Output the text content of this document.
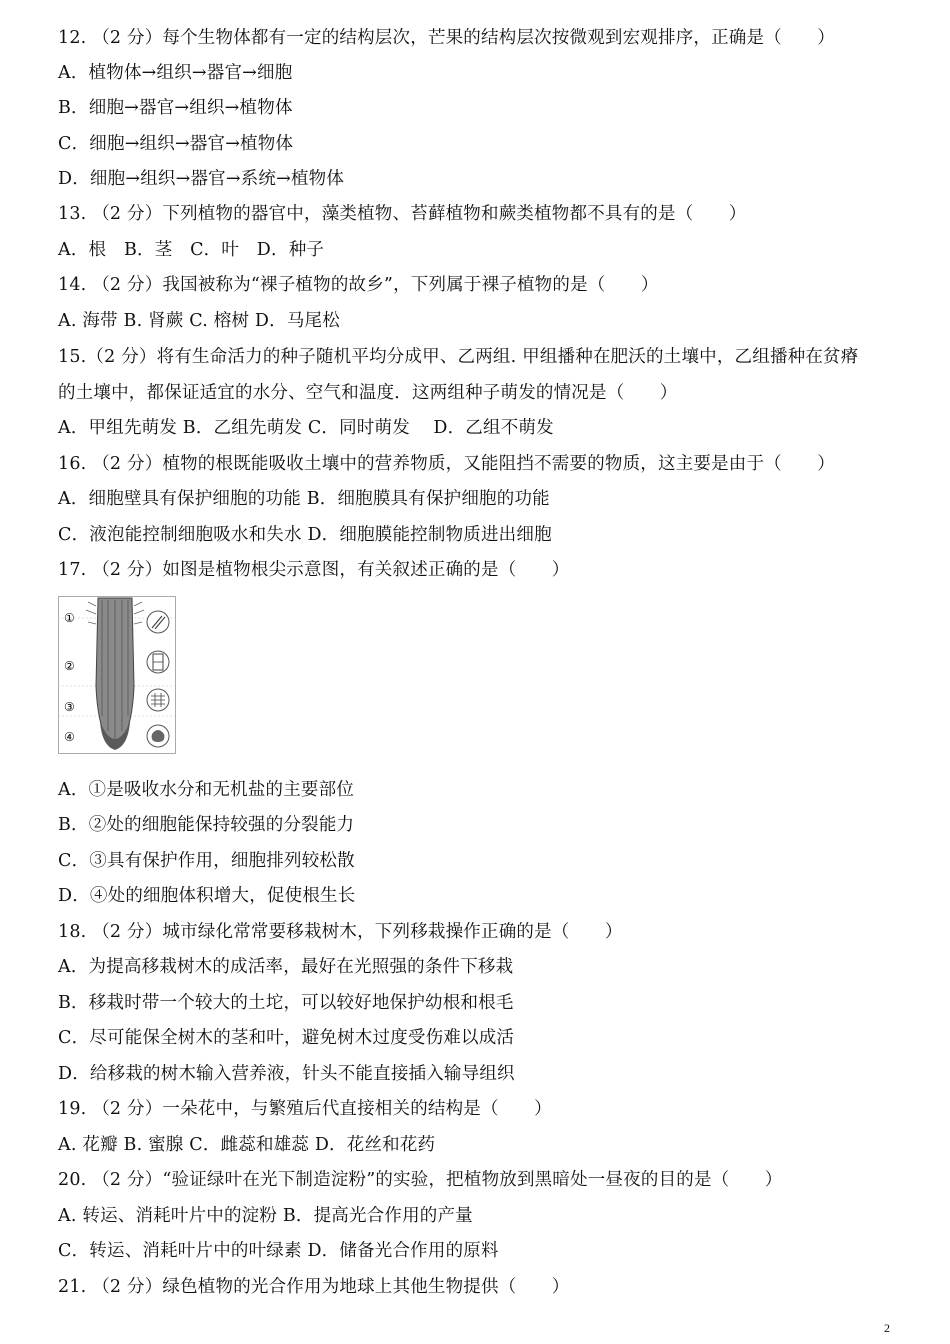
12. （2 分）每个生物体都有一定的结构层次，芒果的结构层次按微观到宏观排序，正确是（　　）
A．植物体→组织→器官→细胞
B．细胞→器官→组织→植物体
C．细胞→组织→器官→植物体
D．细胞→组织→器官→系统→植物体
13. （2 分）下列植物的器官中，藻类植物、苔藓植物和蕨类植物都不具有的是（　　）
A．根　B．茎　C．叶　D．种子
14. （2 分）我国被称为“裸子植物的故乡”，下列属于裸子植物的是（　　）
A. 海带 B. 肾蕨 C. 榕树 D．马尾松
15.（2 分）将有生命活力的种子随机平均分成甲、乙两组. 甲组播种在肥沃的土壤中，乙组播种在贫瘠
的土壤中，都保证适宜的水分、空气和温度．这两组种子萌发的情况是（　　）
A．甲组先萌发 B．乙组先萌发 C．同时萌发　 D．乙组不萌发
16. （2 分）植物的根既能吸收土壤中的营养物质，又能阻挡不需要的物质，这主要是由于（　　）
A．细胞壁具有保护细胞的功能 B．细胞膜具有保护细胞的功能
C．液泡能控制细胞吸水和失水 D．细胞膜能控制物质进出细胞
17. （2 分）如图是植物根尖示意图，有关叙述正确的是（　　）
①
②
③
④
A．①是吸收水分和无机盐的主要部位
B．②处的细胞能保持较强的分裂能力
C．③具有保护作用，细胞排列较松散
D．④处的细胞体积增大，促使根生长
18. （2 分）城市绿化常常要移栽树木，下列移栽操作正确的是（　　）
A．为提高移栽树木的成活率，最好在光照强的条件下移栽
B．移栽时带一个较大的土坨，可以较好地保护幼根和根毛
C．尽可能保全树木的茎和叶，避免树木过度受伤难以成活
D．给移栽的树木输入营养液，针头不能直接插入输导组织
19. （2 分）一朵花中，与繁殖后代直接相关的结构是（　　）
A. 花瓣 B. 蜜腺 C．雌蕊和雄蕊 D．花丝和花药
20. （2 分）“验证绿叶在光下制造淀粉”的实验，把植物放到黑暗处一昼夜的目的是（　　）
A. 转运、消耗叶片中的淀粉 B．提高光合作用的产量
C．转运、消耗叶片中的叶绿素 D．储备光合作用的原料
21. （2 分）绿色植物的光合作用为地球上其他生物提供（　　）
2
